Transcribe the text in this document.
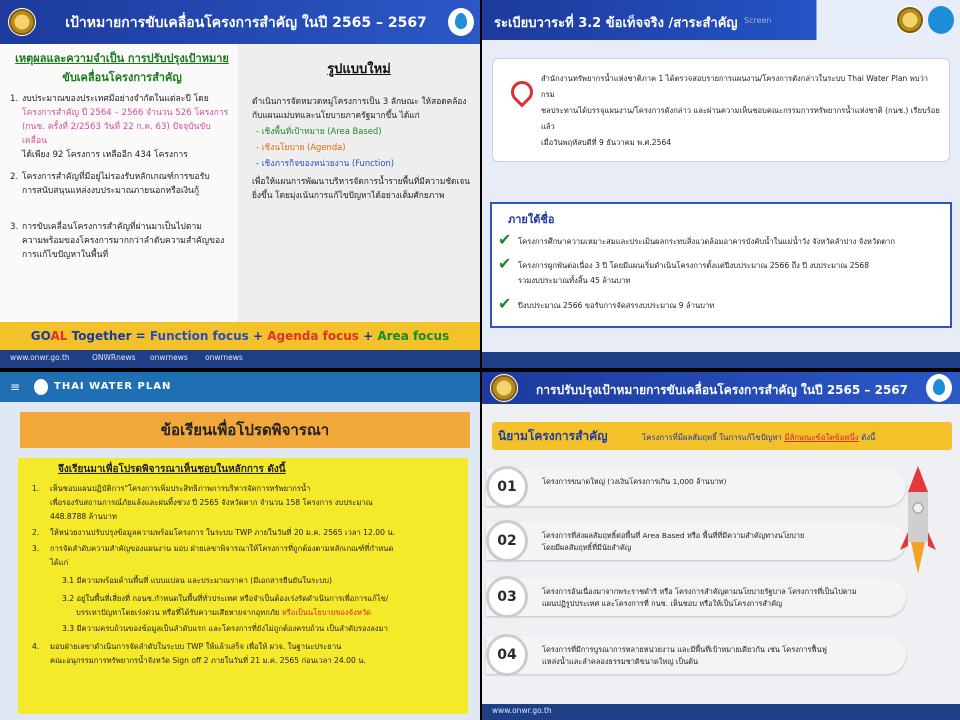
เป้าหมายการขับเคลื่อนโครงการสำคัญ ในปี 2565 – 2567
เหตุผลและความจำเป็น การปรับปรุงเป้าหมาย
ขับเคลื่อนโครงการสำคัญ
1. งบประมาณของประเทศมีอย่างจำกัดในแต่ละปี โดย
โครงการสำคัญ ปี 2564 – 2566 จำนวน 526 โครงการ
(กนช. ครั้งที่ 2/2563 วันที่ 22 ก.ค. 63) ปัจจุบันขับเคลื่อน
ได้เพียง 92 โครงการ เหลืออีก 434 โครงการ
2. โครงการสำคัญที่มีอยู่ไม่รองรับหลักเกณฑ์การขอรับ
การสนับสนุนแหล่งงบประมาณภายนอกหรือเงินกู้
3. การขับเคลื่อนโครงการสำคัญที่ผ่านมาเป็นไปตาม
ความพร้อมของโครงการมากกว่าลำดับความสำคัญของ
การแก้ไขปัญหาในพื้นที่
รูปแบบใหม่
ดำเนินการจัดหมวดหมู่โครงการเป็น 3 ลักษณะ ให้สอดคล้อง
กับแผนแม่บทและนโยบายภาครัฐมากขึ้น ได้แก่
- เชิงพื้นที่เป้าหมาย (Area Based)
- เชิงนโยบาย (Agenda)
- เชิงภารกิจของหน่วยงาน (Function)
เพื่อให้แผนการพัฒนาบริหารจัดการน้ำรายพื้นที่มีความชัดเจน
ยิ่งขึ้น โดยมุ่งเน้นการแก้ไขปัญหาได้อย่างเต็มศักยภาพ
GOAL Together = Function focus + Agenda focus + Area focus
www.onwr.go.th	ONWRnews onwrnews onwrnews
ระเบียบวาระที่ 3.2 ข้อเท็จจริง /สาระสำคัญ Screen
สำนักงานทรัพยากรน้ำแห่งชาติภาค 1 ได้ตรวจสอบรายการแผนงาน/โครงการตังกล่าวในระบบ Thai Water Plan พบว่ากรม
ชลประทานได้บรรจุแผนงาน/โครงการดังกล่าว และผ่านความเห็นชอบคณะกรรมการทรัพยากรน้ำแห่งชาติ (กนช.) เรียบร้อยแล้ว
เมื่อวันพฤหัสบดีที่ 9 ธันวาคม พ.ศ.2564
ภายใต้ชื่อ
✔ โครงการศึกษาความเหมาะสมและประเมินผลกระทบสิ่งแวดล้อมอาคารบังคับน้ำในแม่น้ำวัง จังหวัดลำปาง จังหวัดตาก
✔ โครงการผูกพันต่อเนื่อง 3 ปี โดยมีแผนเริ่มดำเนินโครงการตั้งแต่ปีงบประมาณ 2566 ถึง ปี งบประมาณ 2568
รวมงบประมาณทั้งสิ้น 45 ล้านบาท
✔ ปีงบประมาณ 2566 ขอรับการจัดสรรงบประมาณ 9 ล้านบาท
≡	THAI WATER PLAN
ข้อเรียนเพื่อโปรดพิจารณา
จึงเรียนมาเพื่อโปรดพิจารณาเห็นชอบในหลักการ ดังนี้
1. เห็นชอบแผนปฏิบัติการ"โครงการเพิ่มประสิทธิภาพการบริหารจัดการทรัพยากรน้ำ
เพื่อรองรับสถานการณ์ภัยแล้งและฝนทิ้งช่วง ปี 2565 จังหวัดตาก จำนวน 158 โครงการ งบประมาณ
448.8788 ล้านบาท
2. ให้หน่วยงานปรับปรุงข้อมูลความพร้อมโครงการ ในระบบ TWP ภายในวันที่ 20 ม.ค. 2565 เวลา 12.00 น.
3. การจัดลำดับความสำคัญของแผนงาน มอบ ฝ่ายเลขาพิจารณาให้โครงการที่ถูกต้องตามหลักเกณฑ์ที่กำหนด
ได้แก่
3.1 มีความพร้อมด้านพื้นที่ แบบแปลน และประมาณราคา (มีเอกสารยืนยันในระบบ)
3.2 อยู่ในพื้นที่เสี่ยงที่ กอนช.กำหนดในพื้นที่ทั่วประเทศ หรือจำเป็นต้องเร่งรัดดำเนินการเพื่อการแก้ไข/
บรรเทาปัญหาโดยเร่งด่วน หรือที่ได้รับความเสียหายจากอุทกภัย หรือเป็นนโยบายของจังหวัด
3.3 มีความครบถ้วนของข้อมูลเป็นลำดับแรก และโครงการที่ยังไม่ถูกต้องครบถ้วน เป็นลำดับรองลงมา
4. มอบฝ่ายเลขาดำเนินการจัดลำดับในระบบ TWP ให้แล้วเสร็จ เพื่อให้ ผวจ. ในฐานะประธาน
คณะอนุกรรมการทรัพยากรน้ำจังหวัด Sign off 2 ภายในวันที่ 21 ม.ค. 2565 ก่อนเวลา 24.00 น.
การปรับปรุงเป้าหมายการขับเคลื่อนโครงการสำคัญ ในปี 2565 – 2567
นิยามโครงการสำคัญ	โครงการที่มีผลสัมฤทธิ์ ในการแก้ไขปัญหา มีลักษณะข้อใดข้อหนึ่ง ดังนี้
01	โครงการขนาดใหญ่ (วงเงินโครงการเกิน 1,000 ล้านบาท)
02	โครงการที่ส่งผลสัมฤทธิ์ต่อพื้นที่ Area Based หรือ พื้นที่ที่มีความสำคัญทางนโยบาย
โดยมีผลสัมฤทธิ์ที่มีนัยสำคัญ
03	โครงการอันเนื่องมาจากพระราชดำริ หรือ โครงการสำคัญตามนโยบายรัฐบาล โครงการที่เป็นไปตาม
แผนปฏิรูปประเทศ และโครงการที่ กนช. เห็นชอบ หรือให้เป็นโครงการสำคัญ
04	โครงการที่มีการบูรณาการหลายหน่วยงาน และมีพื้นที่เป้าหมายเดียวกัน เช่น โครงการฟื้นฟู
แหล่งน้ำและลำคลองธรรมชาติขนาดใหญ่ เป็นต้น
www.onwr.go.th
